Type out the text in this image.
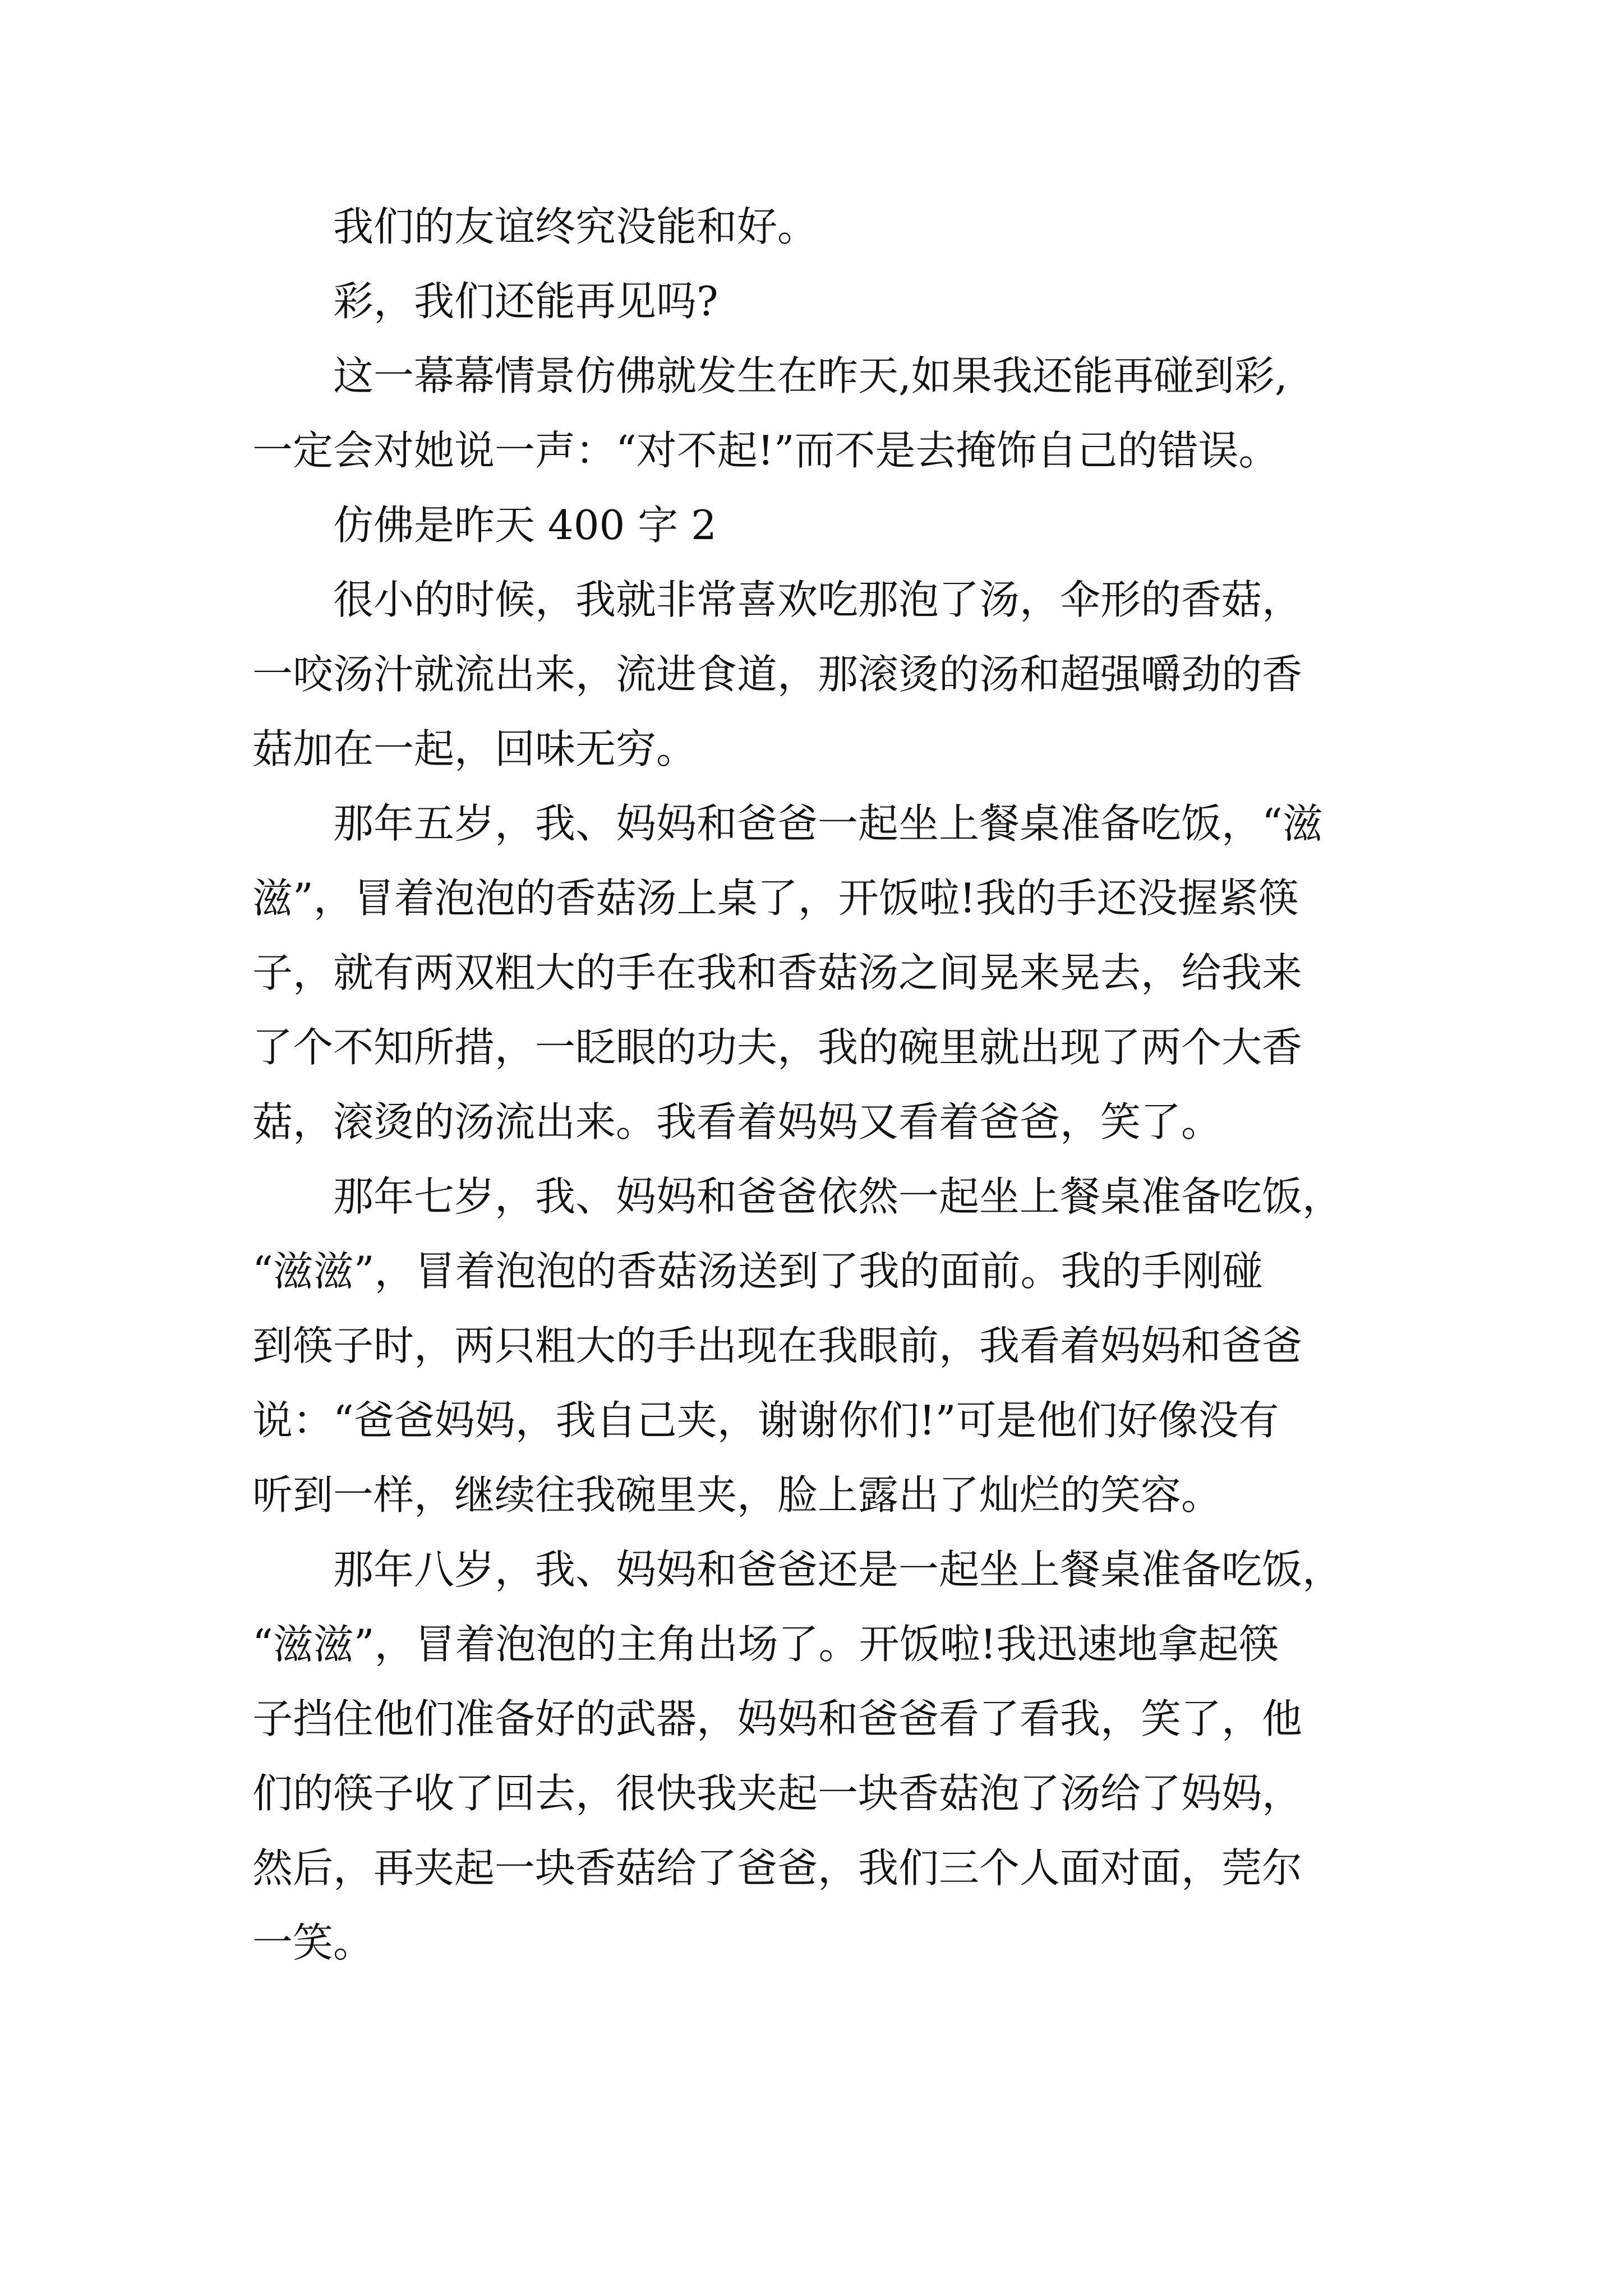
我们的友谊终究没能和好。

彩，我们还能再见吗?

这一幕幕情景仿佛就发生在昨天,如果我还能再碰到彩,
一定会对她说一声：“对不起!”而不是去掩饰自己的错误。

仿佛是昨天 400 字 2

很小的时候，我就非常喜欢吃那泡了汤，伞形的香菇，
一咬汤汁就流出来，流进食道，那滚烫的汤和超强嚼劲的香
菇加在一起，回味无穷。

那年五岁，我、妈妈和爸爸一起坐上餐桌准备吃饭，“滋
滋”，冒着泡泡的香菇汤上桌了，开饭啦!我的手还没握紧筷
子，就有两双粗大的手在我和香菇汤之间晃来晃去，给我来
了个不知所措，一眨眼的功夫，我的碗里就出现了两个大香
菇，滚烫的汤流出来。我看着妈妈又看着爸爸，笑了。

那年七岁，我、妈妈和爸爸依然一起坐上餐桌准备吃饭，
“滋滋”，冒着泡泡的香菇汤送到了我的面前。我的手刚碰
到筷子时，两只粗大的手出现在我眼前，我看着妈妈和爸爸
说：“爸爸妈妈，我自己夹，谢谢你们!”可是他们好像没有
听到一样，继续往我碗里夹，脸上露出了灿烂的笑容。

那年八岁，我、妈妈和爸爸还是一起坐上餐桌准备吃饭，
“滋滋”，冒着泡泡的主角出场了。开饭啦!我迅速地拿起筷
子挡住他们准备好的武器，妈妈和爸爸看了看我，笑了，他
们的筷子收了回去，很快我夹起一块香菇泡了汤给了妈妈，
然后，再夹起一块香菇给了爸爸，我们三个人面对面，莞尔
一笑。
